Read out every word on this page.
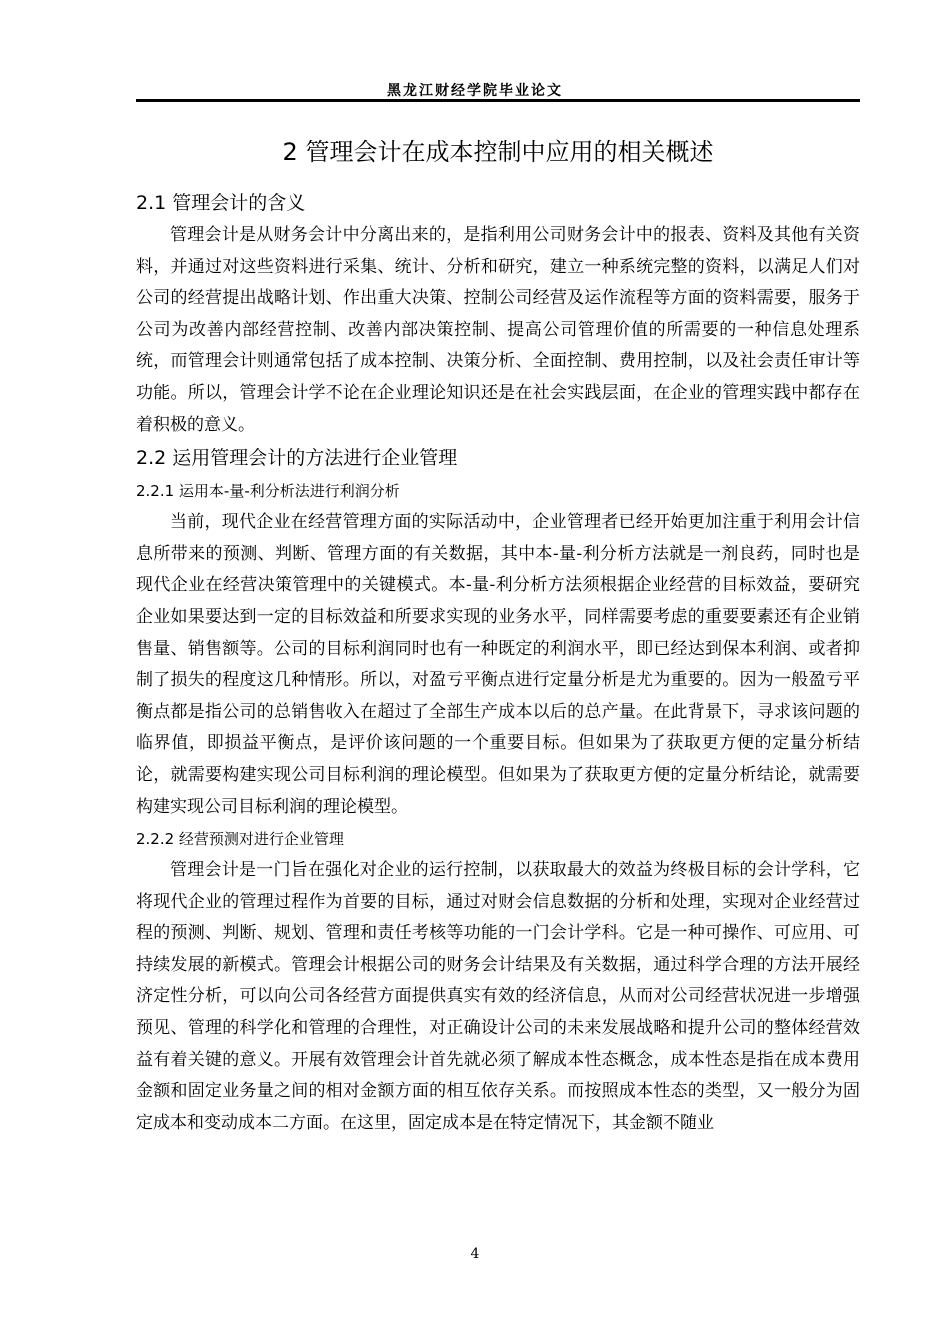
黑龙江财经学院毕业论文
2 管理会计在成本控制中应用的相关概述
2.1 管理会计的含义

管理会计是从财务会计中分离出来的，是指利用公司财务会计中的报表、资料及其他有关资料，并通过对这些资料进行采集、统计、分析和研究，建立一种系统完整的资料，以满足人们对公司的经营提出战略计划、作出重大决策、控制公司经营及运作流程等方面的资料需要，服务于公司为改善内部经营控制、改善内部决策控制、提高公司管理价值的所需要的一种信息处理系统，而管理会计则通常包括了成本控制、决策分析、全面控制、费用控制，以及社会责任审计等功能。所以，管理会计学不论在企业理论知识还是在社会实践层面，在企业的管理实践中都存在着积极的意义。

2.2 运用管理会计的方法进行企业管理
2.2.1 运用本-量-利分析法进行利润分析

当前，现代企业在经营管理方面的实际活动中，企业管理者已经开始更加注重于利用会计信息所带来的预测、判断、管理方面的有关数据，其中本-量-利分析方法就是一剂良药，同时也是现代企业在经营决策管理中的关键模式。本-量-利分析方法须根据企业经营的目标效益，要研究企业如果要达到一定的目标效益和所要求实现的业务水平，同样需要考虑的重要要素还有企业销售量、销售额等。公司的目标利润同时也有一种既定的利润水平，即已经达到保本利润、或者抑制了损失的程度这几种情形。所以，对盈亏平衡点进行定量分析是尤为重要的。因为一般盈亏平衡点都是指公司的总销售收入在超过了全部生产成本以后的总产量。在此背景下，寻求该问题的临界值，即损益平衡点，是评价该问题的一个重要目标。但如果为了获取更方便的定量分析结论，就需要构建实现公司目标利润的理论模型。但如果为了获取更方便的定量分析结论，就需要构建实现公司目标利润的理论模型。

2.2.2 经营预测对进行企业管理

管理会计是一门旨在强化对企业的运行控制，以获取最大的效益为终极目标的会计学科，它将现代企业的管理过程作为首要的目标，通过对财会信息数据的分析和处理，实现对企业经营过程的预测、判断、规划、管理和责任考核等功能的一门会计学科。它是一种可操作、可应用、可持续发展的新模式。管理会计根据公司的财务会计结果及有关数据，通过科学合理的方法开展经济定性分析，可以向公司各经营方面提供真实有效的经济信息，从而对公司经营状况进一步增强预见、管理的科学化和管理的合理性，对正确设计公司的未来发展战略和提升公司的整体经营效益有着关键的意义。开展有效管理会计首先就必须了解成本性态概念，成本性态是指在成本费用金额和固定业务量之间的相对金额方面的相互依存关系。而按照成本性态的类型，又一般分为固定成本和变动成本二方面。在这里，固定成本是在特定情况下，其金额不随业

4
